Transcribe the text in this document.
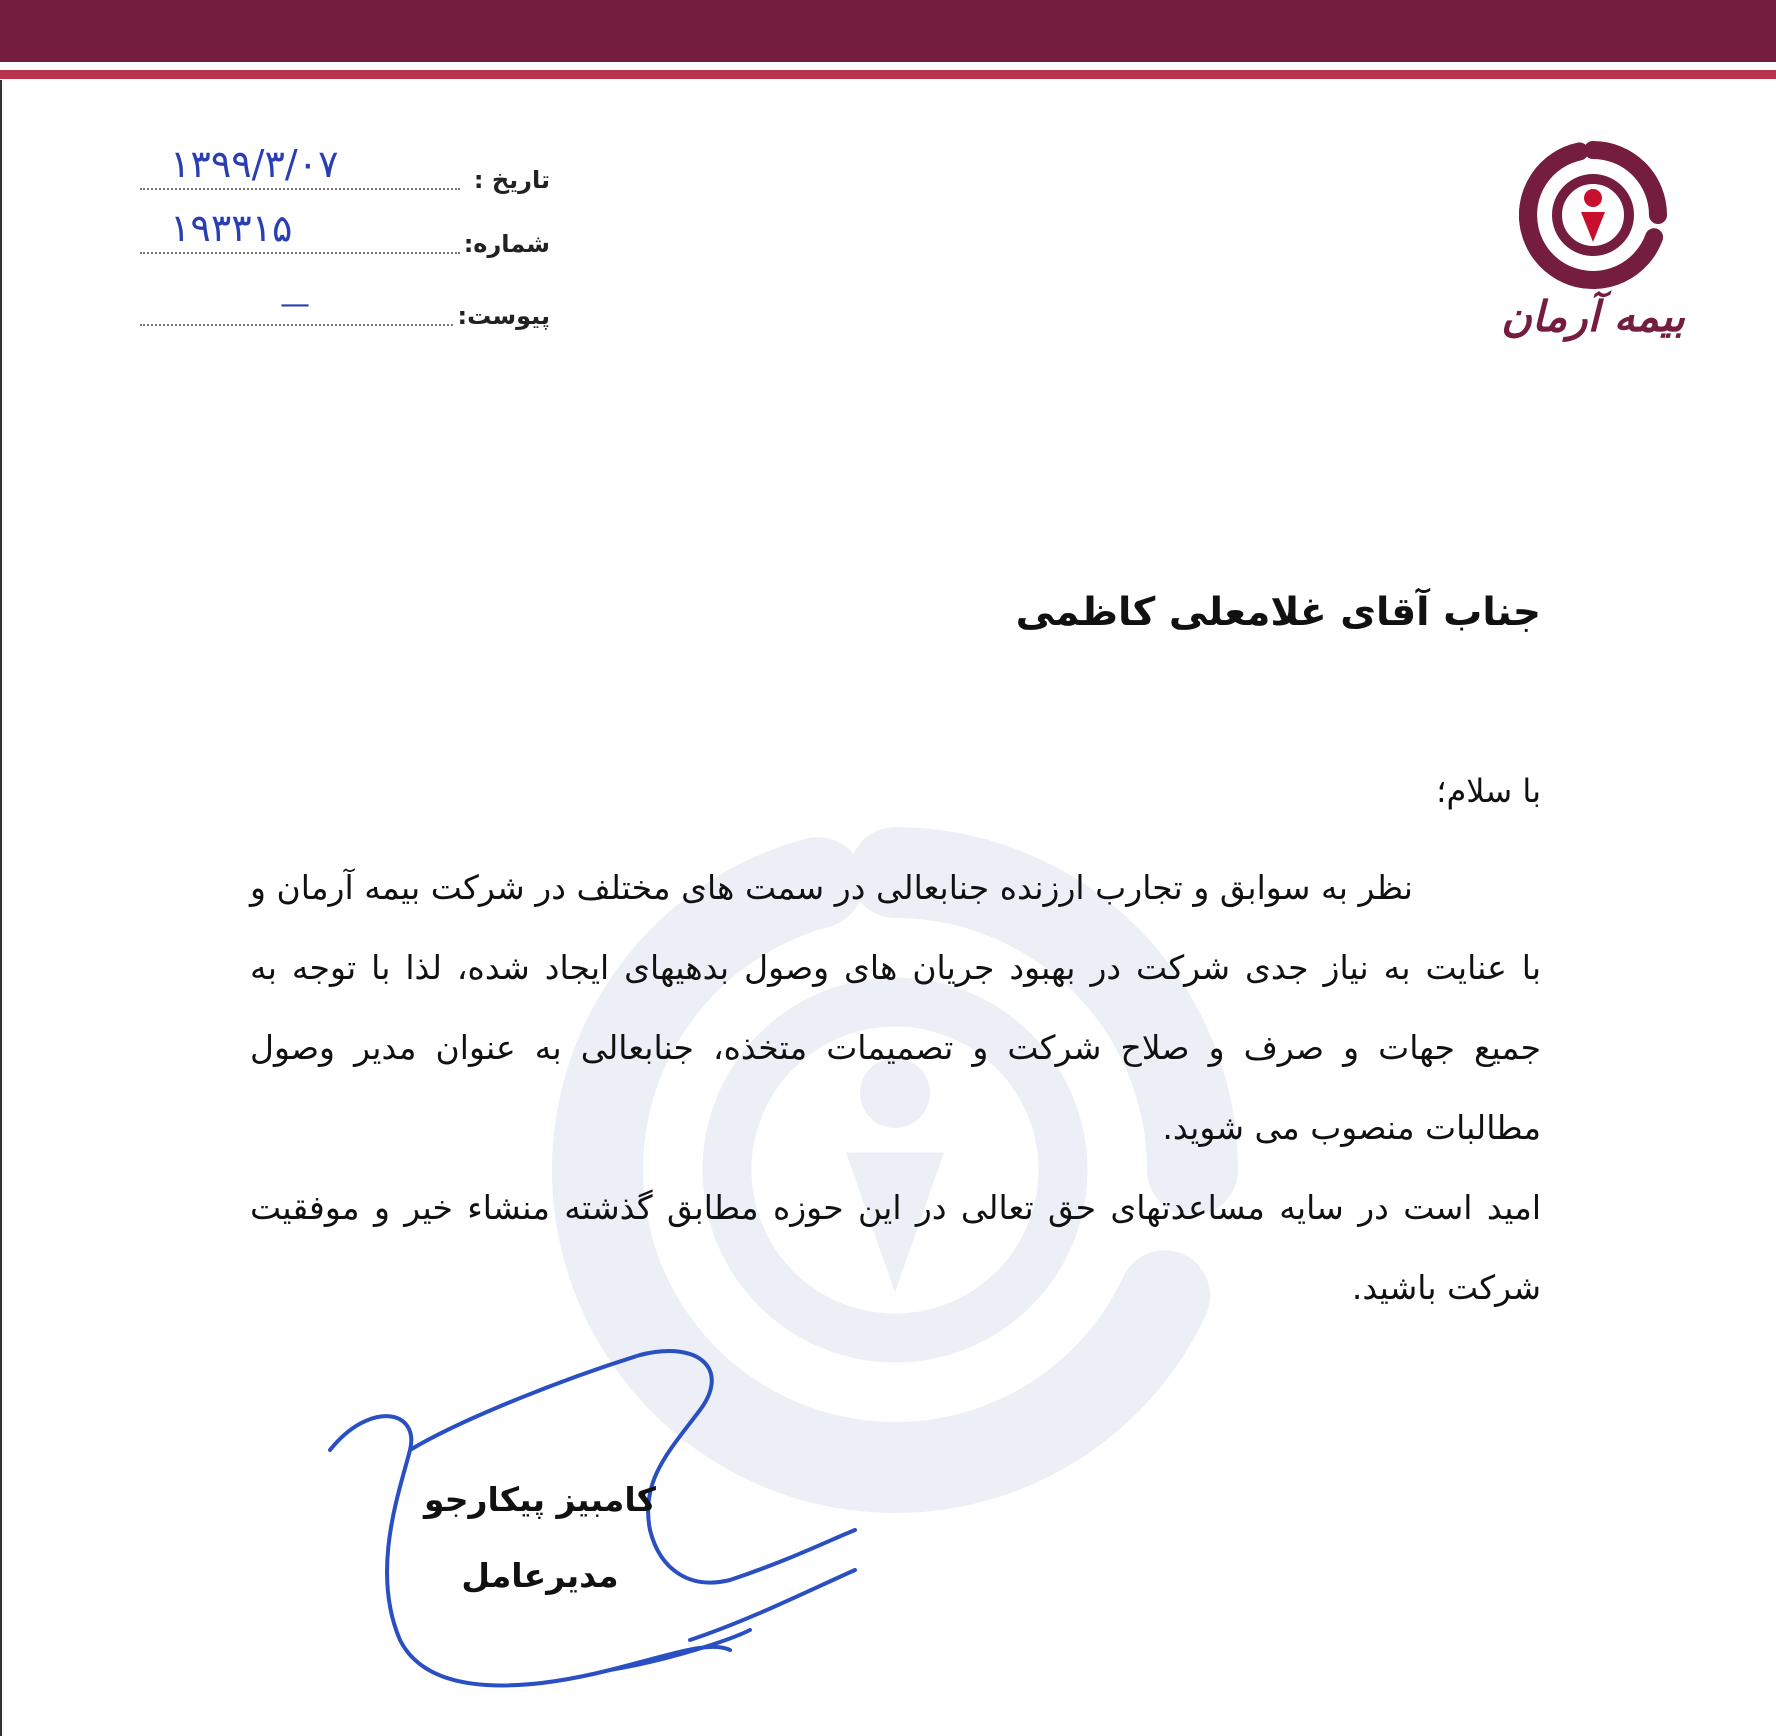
بیمه آرمان
تاریخ :
۱۳۹۹/۳/۰۷
شماره:
۱۹۳۳۱۵
پیوست:
—
جناب آقای غلامعلی کاظمی
با سلام؛

نظر به سوابق و تجارب ارزنده جنابعالی در سمت های مختلف در شرکت بیمه آرمان و با عنایت به نیاز جدی شرکت در بهبود جریان های وصول بدهیهای ایجاد شده، لذا با توجه به جمیع جهات و صرف و صلاح شرکت و تصمیمات متخذه، جنابعالی به عنوان مدیر وصول مطالبات منصوب می شوید.

امید است در سایه مساعدتهای حق تعالی در این حوزه مطابق گذشته منشاء خیر و موفقیت شرکت باشید.

کامبیز پیکارجو
مدیرعامل
